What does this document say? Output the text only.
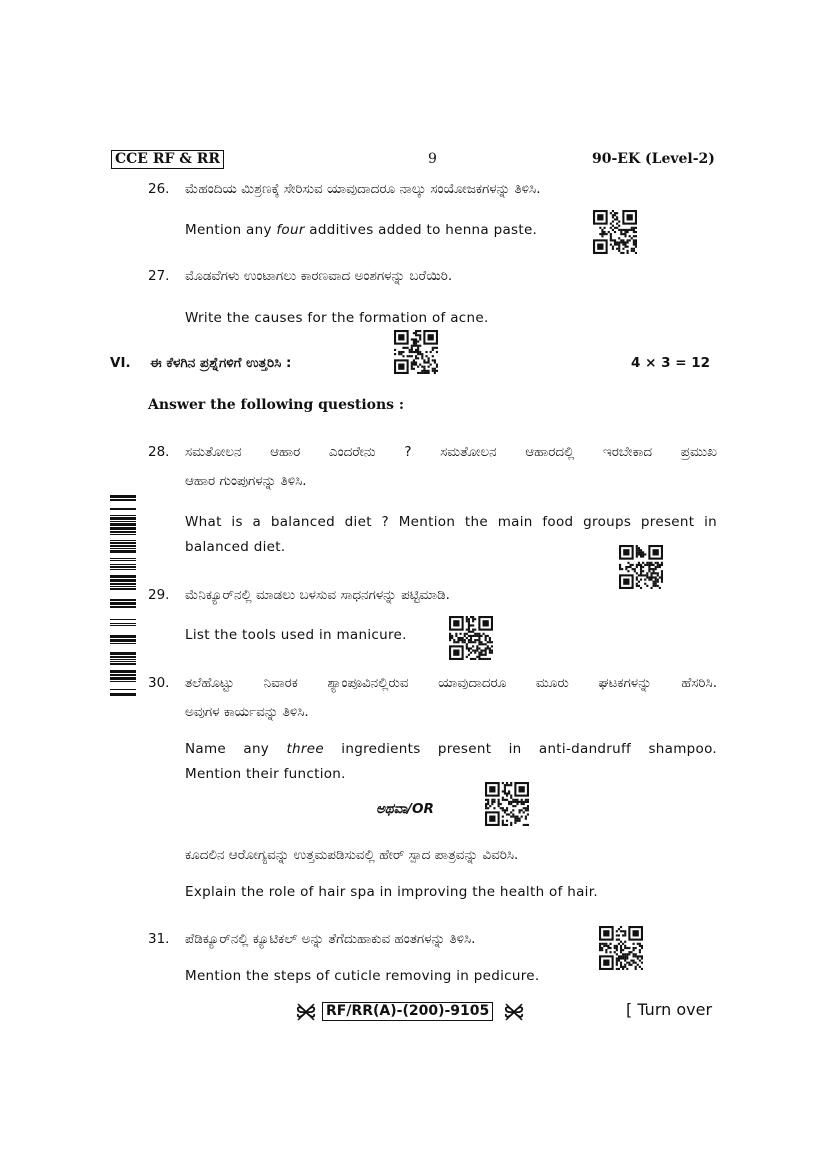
CCE RF & RR	9	90-EK (Level-2)
26. ಮೆಹಂದಿಯ ಮಿಶ್ರಣಕ್ಕೆ ಸೇರಿಸುವ ಯಾವುದಾದರೂ ನಾಲ್ಕು ಸಂಯೋಜಕಗಳನ್ನು ತಿಳಿಸಿ.
Mention any four additives added to henna paste.
27. ಮೊಡವೆಗಳು ಉಂಟಾಗಲು ಕಾರಣವಾದ ಅಂಶಗಳನ್ನು ಬರೆಯಿರಿ.
Write the causes for the formation of acne.
VI. ಈ ಕೆಳಗಿನ ಪ್ರಶ್ನೆಗಳಿಗೆ ಉತ್ತರಿಸಿ :	4 × 3 = 12
Answer the following questions :
28. ಸಮತೋಲನ ಆಹಾರ ಎಂದರೇನು ? ಸಮತೋಲನ ಆಹಾರದಲ್ಲಿ ಇರಬೇಕಾದ ಪ್ರಮುಖ
ಆಹಾರ ಗುಂಪುಗಳನ್ನು ತಿಳಿಸಿ.
What is a balanced diet ? Mention the main food groups present in
balanced diet.
29. ಮೆನಿಕ್ಯೂರ್‌ನಲ್ಲಿ ಮಾಡಲು ಬಳಸುವ ಸಾಧನಗಳನ್ನು ಪಟ್ಟಿಮಾಡಿ.
List the tools used in manicure.
30. ತಲೆಹೊಟ್ಟು ನಿವಾರಕ ಶ್ಯಾಂಪೂವಿನಲ್ಲಿರುವ ಯಾವುದಾದರೂ ಮೂರು ಘಟಕಗಳನ್ನು ಹೆಸರಿಸಿ.
ಅವುಗಳ ಕಾರ್ಯವನ್ನು ತಿಳಿಸಿ.
Name any three ingredients present in anti-dandruff shampoo.
Mention their function.
ಅಥವಾ/OR
ಕೂದಲಿನ ಆರೋಗ್ಯವನ್ನು ಉತ್ತಮಪಡಿಸುವಲ್ಲಿ ಹೇರ್ ಸ್ಪಾದ ಪಾತ್ರವನ್ನು ವಿವರಿಸಿ.
Explain the role of hair spa in improving the health of hair.
31. ಪೆಡಿಕ್ಯೂರ್‌ನಲ್ಲಿ ಕ್ಯೂಟಿಕಲ್ ಅನ್ನು ತೆಗೆದುಹಾಕುವ ಹಂತಗಳನ್ನು ತಿಳಿಸಿ.
Mention the steps of cuticle removing in pedicure.
RF/RR(A)-(200)-9105	[ Turn over
